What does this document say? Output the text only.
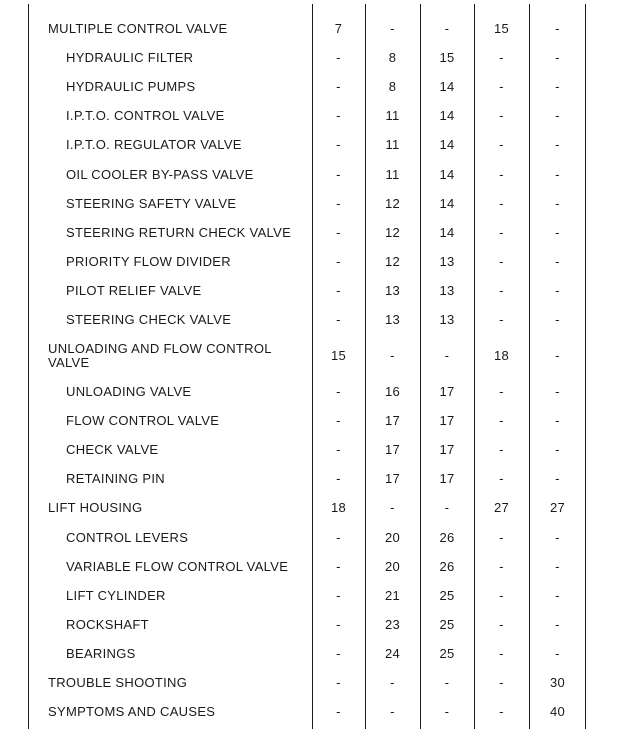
MULTIPLE CONTROL VALVE	7	-	-	15	-
HYDRAULIC FILTER	-	8	15	-	-
HYDRAULIC PUMPS	-	8	14	-	-
I.P.T.O. CONTROL VALVE	-	11	14	-	-
I.P.T.O. REGULATOR VALVE	-	11	14	-	-
OIL COOLER BY-PASS VALVE	-	11	14	-	-
STEERING SAFETY VALVE	-	12	14	-	-
STEERING RETURN CHECK VALVE	-	12	14	-	-
PRIORITY FLOW DIVIDER	-	12	13	-	-
PILOT RELIEF VALVE	-	13	13	-	-
STEERING CHECK VALVE	-	13	13	-	-
UNLOADING AND FLOW CONTROL VALVE	15	-	-	18	-
UNLOADING VALVE	-	16	17	-	-
FLOW CONTROL VALVE	-	17	17	-	-
CHECK VALVE	-	17	17	-	-
RETAINING PIN	-	17	17	-	-
LIFT HOUSING	18	-	-	27	27
CONTROL LEVERS	-	20	26	-	-
VARIABLE FLOW CONTROL VALVE	-	20	26	-	-
LIFT CYLINDER	-	21	25	-	-
ROCKSHAFT	-	23	25	-	-
BEARINGS	-	24	25	-	-
TROUBLE SHOOTING	-	-	-	-	30
SYMPTOMS AND CAUSES	-	-	-	-	40
